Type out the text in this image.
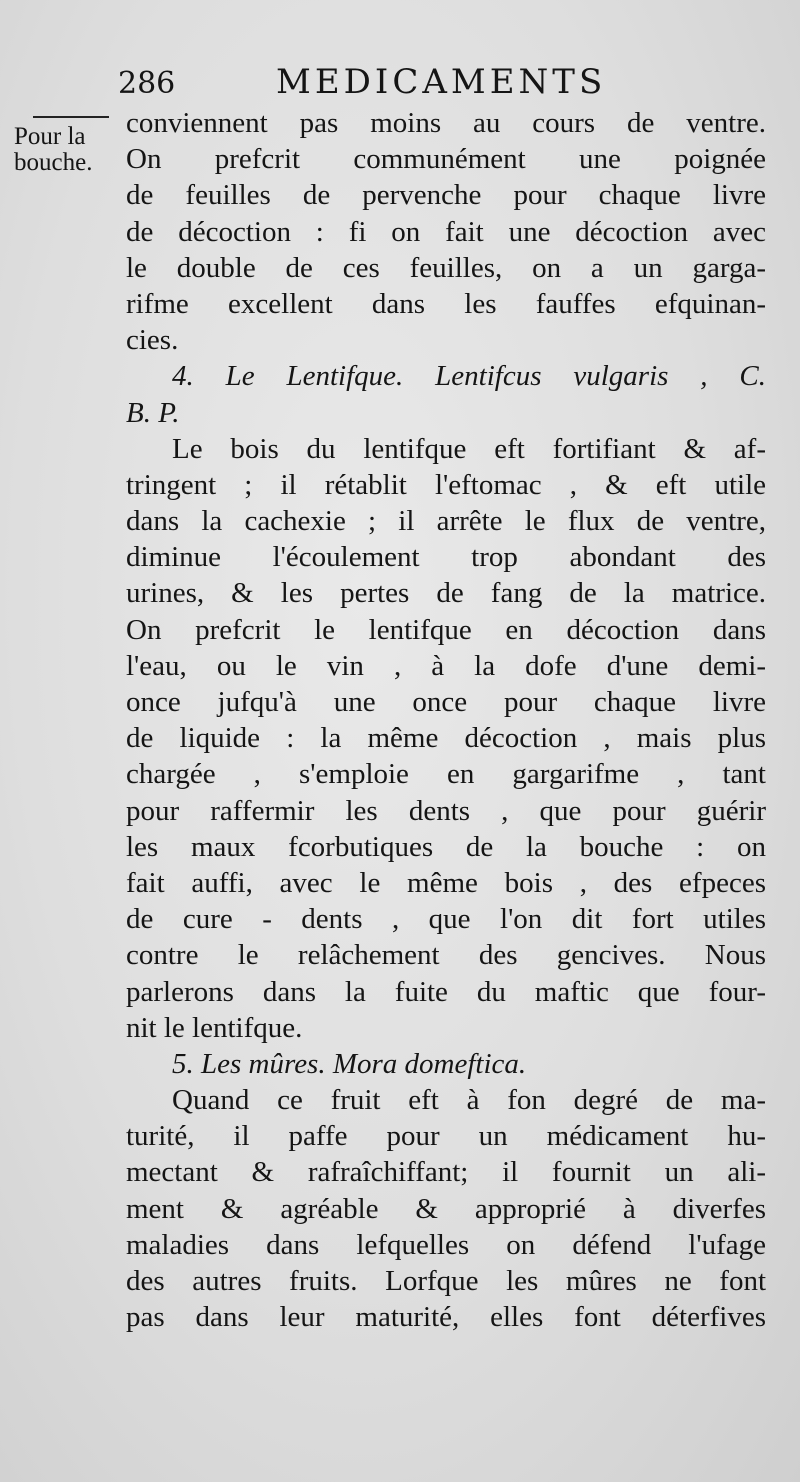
286	MEDICAMENTS
Pour la
bouche.
conviennent pas moins au cours de ventre.
On prefcrit communément une poignée
de feuilles de pervenche pour chaque livre
de décoction : fi on fait une décoction avec
le double de ces feuilles, on a un garga-
rifme excellent dans les fauffes efquinan-
cies.
4. Le Lentifque. Lentifcus vulgaris , C.
B. P.
Le bois du lentifque eft fortifiant & af-
tringent ; il rétablit l'eftomac , & eft utile
dans la cachexie ; il arrête le flux de ventre,
diminue l'écoulement trop abondant des
urines, & les pertes de fang de la matrice.
On prefcrit le lentifque en décoction dans
l'eau, ou le vin , à la dofe d'une demi-
once jufqu'à une once pour chaque livre
de liquide : la même décoction , mais plus
chargée , s'emploie en gargarifme , tant
pour raffermir les dents , que pour guérir
les maux fcorbutiques de la bouche : on
fait auffi, avec le même bois , des efpeces
de cure - dents , que l'on dit fort utiles
contre le relâchement des gencives. Nous
parlerons dans la fuite du maftic que four-
nit le lentifque.
5. Les mûres. Mora domeftica.
Quand ce fruit eft à fon degré de ma-
turité, il paffe pour un médicament hu-
mectant & rafraîchiffant; il fournit un ali-
ment & agréable & approprié à diverfes
maladies dans lefquelles on défend l'ufage
des autres fruits. Lorfque les mûres ne font
pas dans leur maturité, elles font déterfives
